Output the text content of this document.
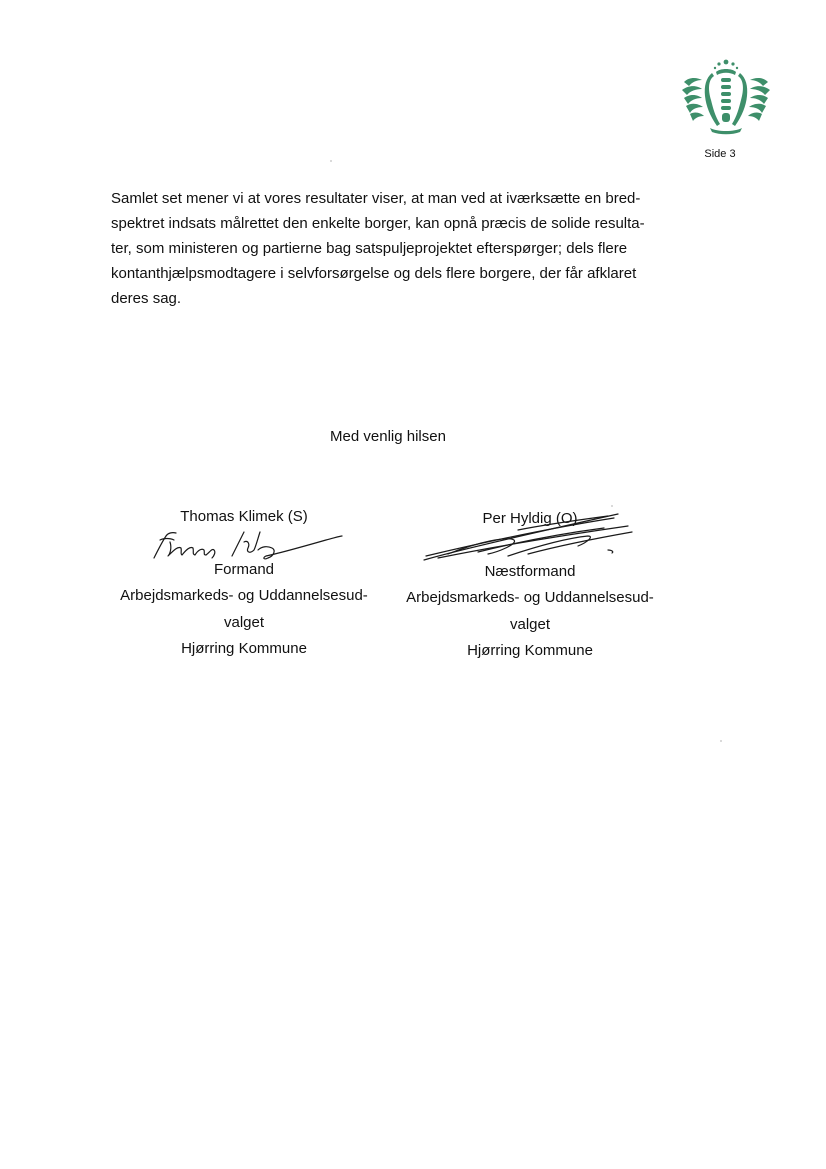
Side 3

Samlet set mener vi at vores resultater viser, at man ved at iværksætte en bred-
spektret indsats målrettet den enkelte borger, kan opnå præcis de solide resulta-
ter, som ministeren og partierne bag satspuljeprojektet efterspørger; dels flere
kontanthjælpsmodtagere i selvforsørgelse og dels flere borgere, der får afklaret
deres sag.

Med venlig hilsen
Thomas Klimek (S)
Formand
Arbejdsmarkeds- og Uddannelsesud-
valget
Hjørring Kommune
Per Hyldig (O)
Næstformand
Arbejdsmarkeds- og Uddannelsesud-
valget
Hjørring Kommune
